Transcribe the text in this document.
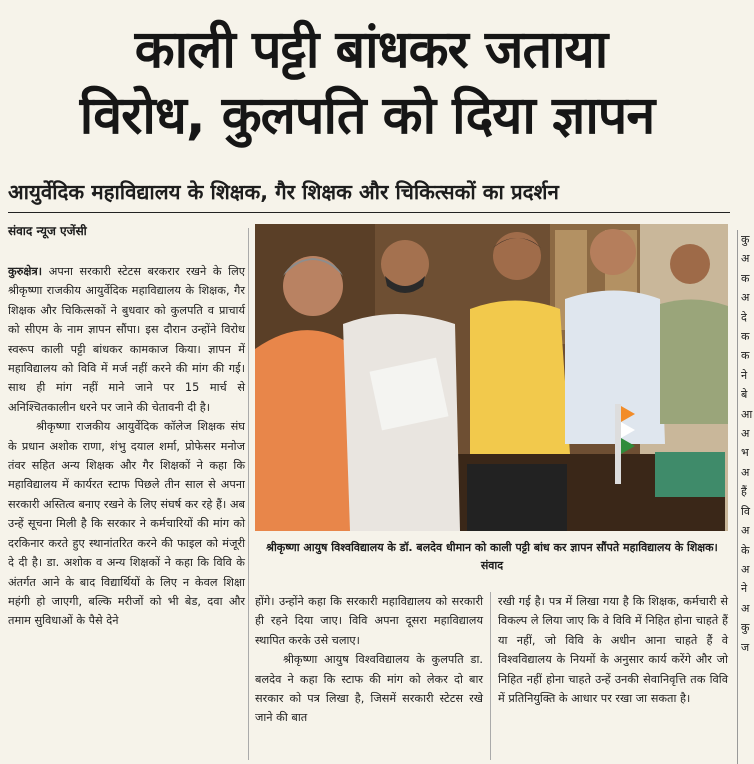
काली पट्टी बांधकर जताया
विरोध, कुलपति को दिया ज्ञापन
आयुर्वेदिक महाविद्यालय के शिक्षक, गैर शिक्षक और चिकित्सकों का प्रदर्शन
संवाद न्यूज एजेंसी

कुरुक्षेत्र। अपना सरकारी स्टेटस बरकरार रखने के लिए श्रीकृष्णा राजकीय आयुर्वेदिक महाविद्यालय के शिक्षक, गैर शिक्षक और चिकित्सकों ने बुधवार को कुलपति व प्राचार्य को सीएम के नाम ज्ञापन सौंपा। इस दौरान उन्होंने विरोध स्वरूप काली पट्टी बांधकर कामकाज किया। ज्ञापन में महाविद्यालय को विवि में मर्ज नहीं करने की मांग की गई। साथ ही मांग नहीं माने जाने पर 15 मार्च से अनिश्चितकालीन धरने पर जाने की चेतावनी दी है।

श्रीकृष्णा राजकीय आयुर्वेदिक कॉलेज शिक्षक संघ के प्रधान अशोक राणा, शंभु दयाल शर्मा, प्रोफेसर मनोज तंवर सहित अन्य शिक्षक और गैर शिक्षकों ने कहा कि महाविद्यालय में कार्यरत स्टाफ पिछले तीन साल से अपना सरकारी अस्तित्व बनाए रखने के लिए संघर्ष कर रहे हैं। अब उन्हें सूचना मिली है कि सरकार ने कर्मचारियों की मांग को दरकिनार करते हुए स्थानांतरित करने की फाइल को मंजूरी दे दी है। डा. अशोक व अन्य शिक्षकों ने कहा कि विवि के अंतर्गत आने के बाद विद्यार्थियों के लिए न केवल शिक्षा महंगी हो जाएगी, बल्कि मरीजों को भी बेड, दवा और तमाम सुविधाओं के पैसे देने

श्रीकृष्णा आयुष विश्वविद्यालय के डॉ. बलदेव धीमान को काली पट्टी बांध कर ज्ञापन सौंपते महाविद्यालय के शिक्षक। संवाद

होंगे। उन्होंने कहा कि सरकारी महाविद्यालय को सरकारी ही रहने दिया जाए। विवि अपना दूसरा महाविद्यालय स्थापित करके उसे चलाए।

श्रीकृष्णा आयुष विश्वविद्यालय के कुलपति डा. बलदेव ने कहा कि स्टाफ की मांग को लेकर दो बार सरकार को पत्र लिखा है, जिसमें सरकारी स्टेटस रखे जाने की बात

रखी गई है। पत्र में लिखा गया है कि शिक्षक, कर्मचारी से विकल्प ले लिया जाए कि वे विवि में निहित होना चाहते हैं या नहीं, जो विवि के अधीन आना चाहते हैं वे विश्वविद्यालय के नियमों के अनुसार कार्य करेंगे और जो निहित नहीं होना चाहते उन्हें उनकी सेवानिवृत्ति तक विवि में प्रतिनियुक्ति के आधार पर रखा जा सकता है।

कु
अ
क
अ
दे
क
क
ने
बे
आ
अ
भ
अ
हैं
वि
अ
के
अ
ने
अ
कु
ज
